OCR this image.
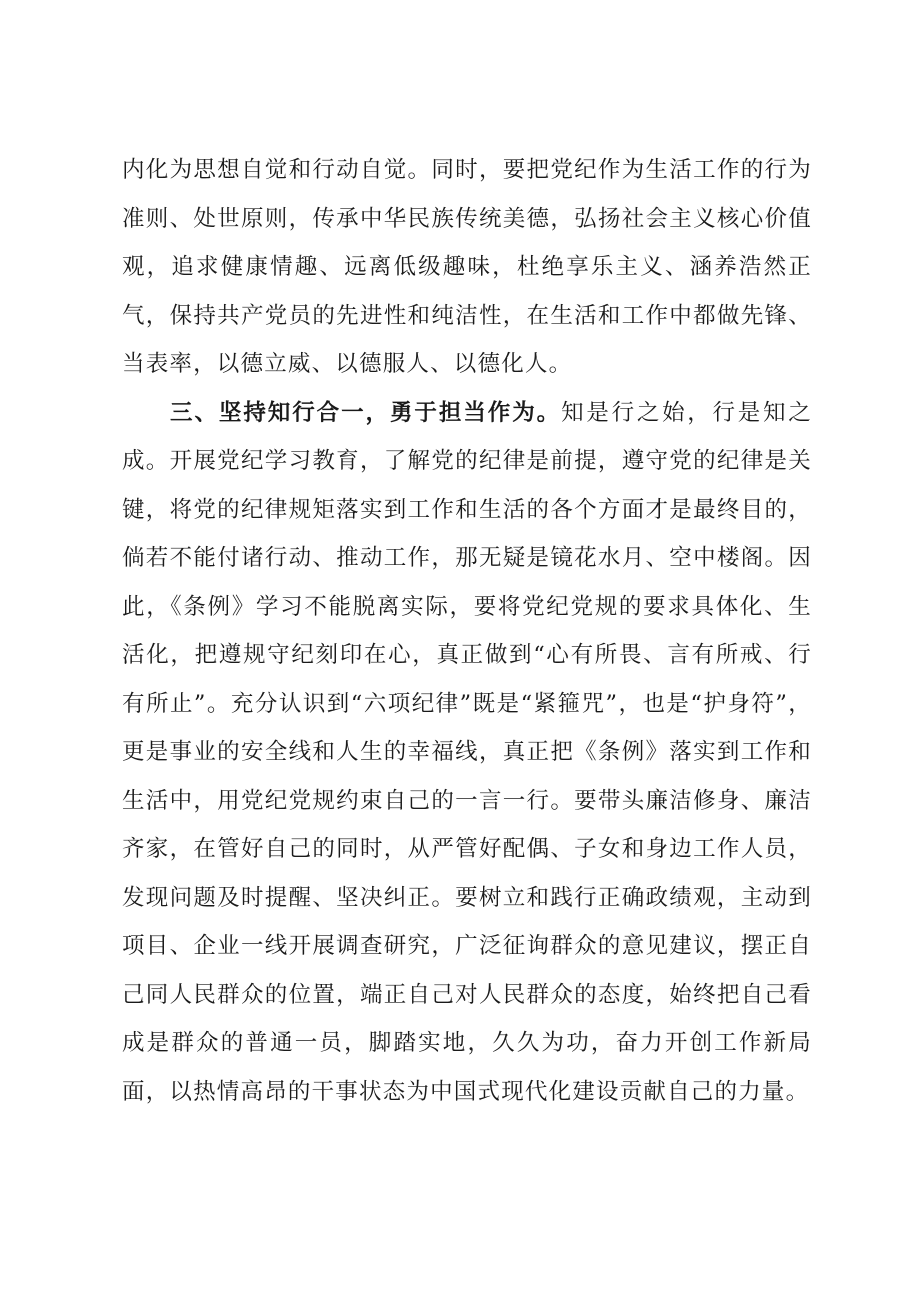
内化为思想自觉和行动自觉。同时，要把党纪作为生活工作的行为准则、处世原则，传承中华民族传统美德，弘扬社会主义核心价值观，追求健康情趣、远离低级趣味，杜绝享乐主义、涵养浩然正气，保持共产党员的先进性和纯洁性，在生活和工作中都做先锋、当表率，以德立威、以德服人、以德化人。

三、坚持知行合一，勇于担当作为。知是行之始，行是知之成。开展党纪学习教育，了解党的纪律是前提，遵守党的纪律是关键，将党的纪律规矩落实到工作和生活的各个方面才是最终目的，倘若不能付诸行动、推动工作，那无疑是镜花水月、空中楼阁。因此，《条例》学习不能脱离实际，要将党纪党规的要求具体化、生活化，把遵规守纪刻印在心，真正做到“心有所畏、言有所戒、行有所止”。充分认识到“六项纪律”既是“紧箍咒”，也是“护身符”，更是事业的安全线和人生的幸福线，真正把《条例》落实到工作和生活中，用党纪党规约束自己的一言一行。要带头廉洁修身、廉洁齐家，在管好自己的同时，从严管好配偶、子女和身边工作人员，发现问题及时提醒、坚决纠正。要树立和践行正确政绩观，主动到项目、企业一线开展调查研究，广泛征询群众的意见建议，摆正自己同人民群众的位置，端正自己对人民群众的态度，始终把自己看成是群众的普通一员，脚踏实地，久久为功，奋力开创工作新局面，以热情高昂的干事状态为中国式现代化建设贡献自己的力量。
